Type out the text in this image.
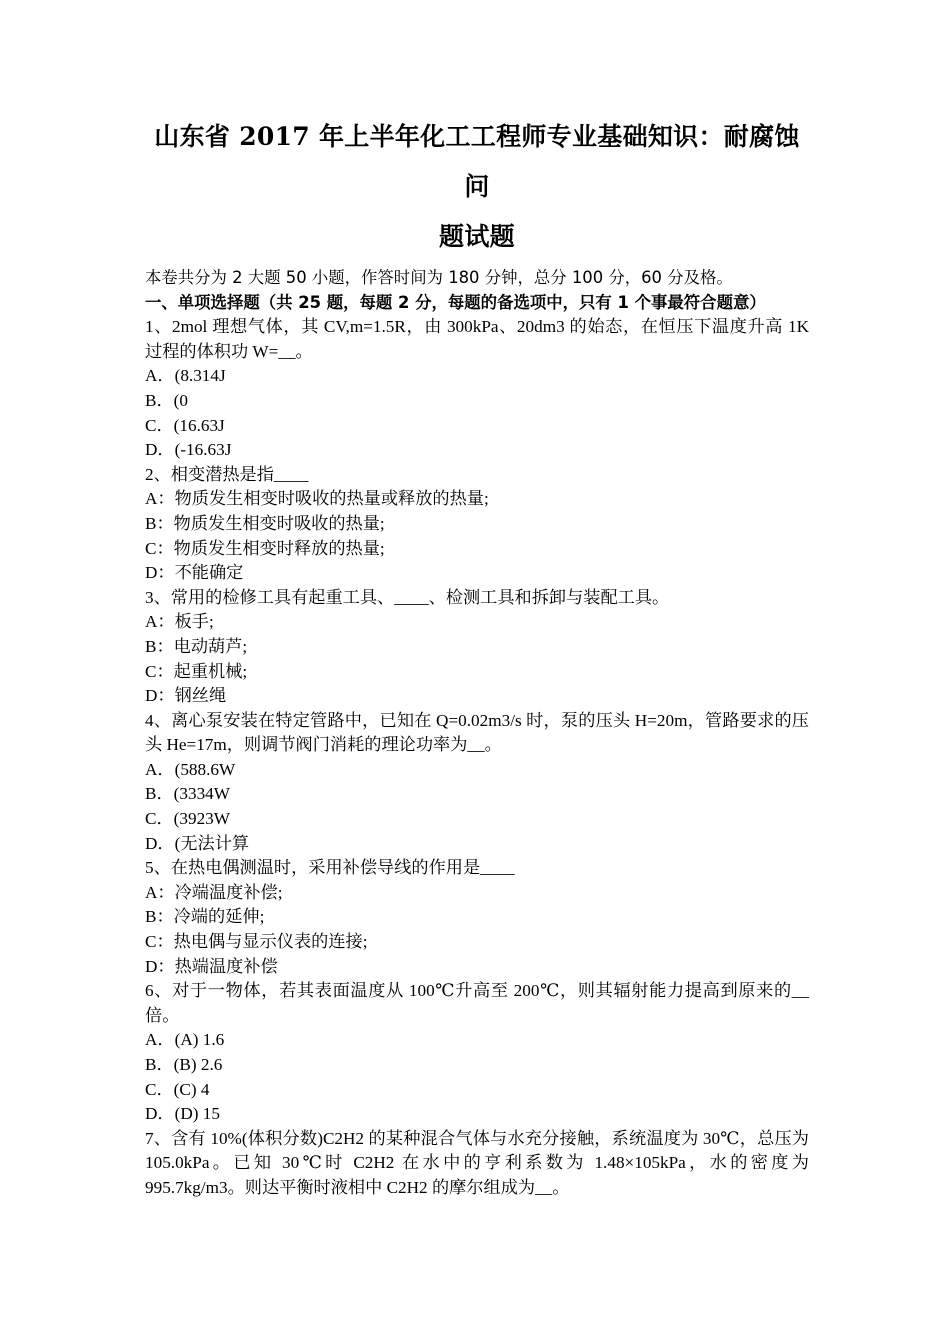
山东省 2017 年上半年化工工程师专业基础知识：耐腐蚀问
题试题

本卷共分为 2 大题 50 小题，作答时间为 180 分钟，总分 100 分，60 分及格。

一、单项选择题（共 25 题，每题 2 分，每题的备选项中，只有 1 个事最符合题意）

1、2mol 理想气体，其 CV,m=1.5R，由 300kPa、20dm3 的始态，在恒压下温度升高 1K 过程的体积功 W=__。

A．(8.314J

B．(0

C．(16.63J

D．(-16.63J

2、相变潜热是指____

A：物质发生相变时吸收的热量或释放的热量;

B：物质发生相变时吸收的热量;

C：物质发生相变时释放的热量;

D：不能确定

3、常用的检修工具有起重工具、____、检测工具和拆卸与装配工具。

A：板手;

B：电动葫芦;

C：起重机械;

D：钢丝绳

4、离心泵安装在特定管路中，已知在 Q=0.02m3/s 时，泵的压头 H=20m，管路要求的压头 He=17m，则调节阀门消耗的理论功率为__。

A．(588.6W

B．(3334W

C．(3923W

D．(无法计算

5、在热电偶测温时，采用补偿导线的作用是____

A：冷端温度补偿;

B：冷端的延伸;

C：热电偶与显示仪表的连接;

D：热端温度补偿

6、对于一物体，若其表面温度从 100℃升高至 200℃，则其辐射能力提高到原来的__倍。

A．(A) 1.6

B．(B) 2.6

C．(C) 4

D．(D) 15

7、含有 10%(体积分数)C2H2 的某种混合气体与水充分接触，系统温度为 30℃，总压为 105.0kPa。已知 30℃时 C2H2 在水中的亨利系数为 1.48×105kPa，水的密度为 995.7kg/m3。则达平衡时液相中 C2H2 的摩尔组成为__。
